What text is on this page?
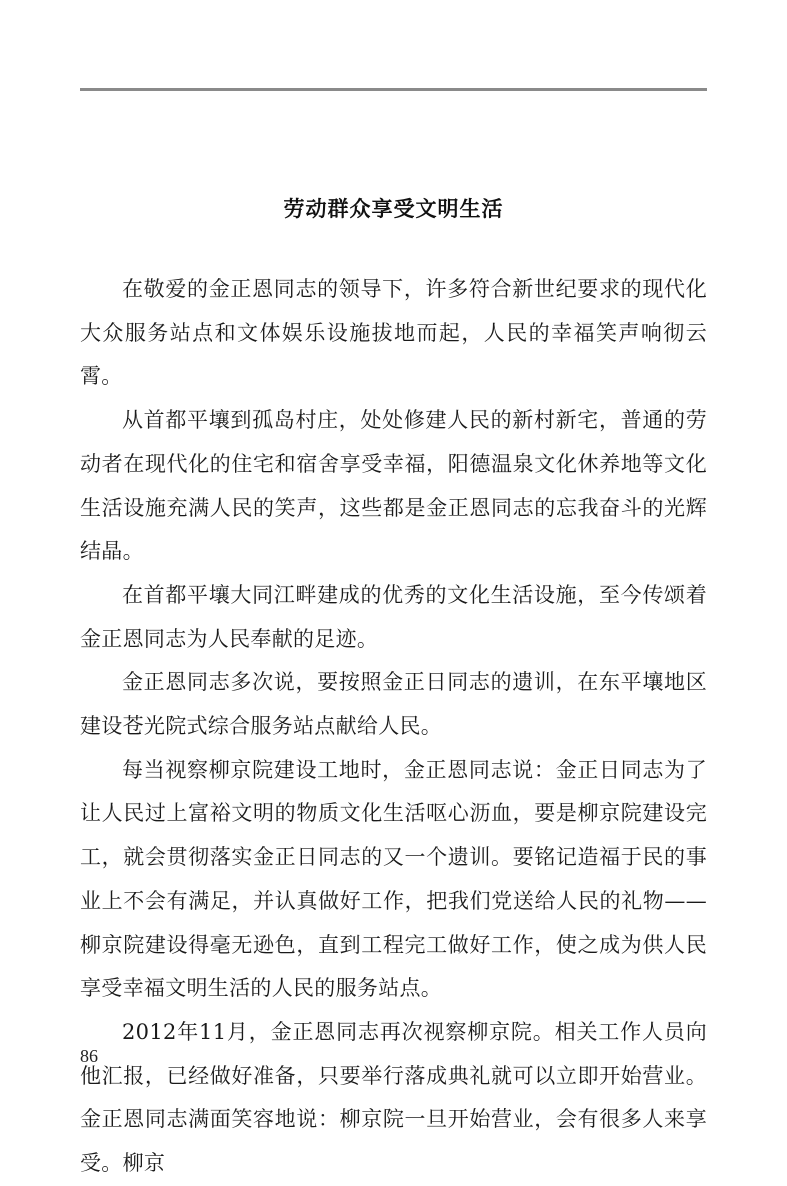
劳动群众享受文明生活

在敬爱的金正恩同志的领导下，许多符合新世纪要求的现代化大众服务站点和文体娱乐设施拔地而起，人民的幸福笑声响彻云霄。

从首都平壤到孤岛村庄，处处修建人民的新村新宅，普通的劳动者在现代化的住宅和宿舍享受幸福，阳德温泉文化休养地等文化生活设施充满人民的笑声，这些都是金正恩同志的忘我奋斗的光辉结晶。

在首都平壤大同江畔建成的优秀的文化生活设施，至今传颂着金正恩同志为人民奉献的足迹。

金正恩同志多次说，要按照金正日同志的遗训，在东平壤地区建设苍光院式综合服务站点献给人民。

每当视察柳京院建设工地时，金正恩同志说：金正日同志为了让人民过上富裕文明的物质文化生活呕心沥血，要是柳京院建设完工，就会贯彻落实金正日同志的又一个遗训。要铭记造福于民的事业上不会有满足，并认真做好工作，把我们党送给人民的礼物——柳京院建设得毫无逊色，直到工程完工做好工作，使之成为供人民享受幸福文明生活的人民的服务站点。

2012年11月，金正恩同志再次视察柳京院。相关工作人员向他汇报，已经做好准备，只要举行落成典礼就可以立即开始营业。金正恩同志满面笑容地说：柳京院一旦开始营业，会有很多人来享受。柳京

86
